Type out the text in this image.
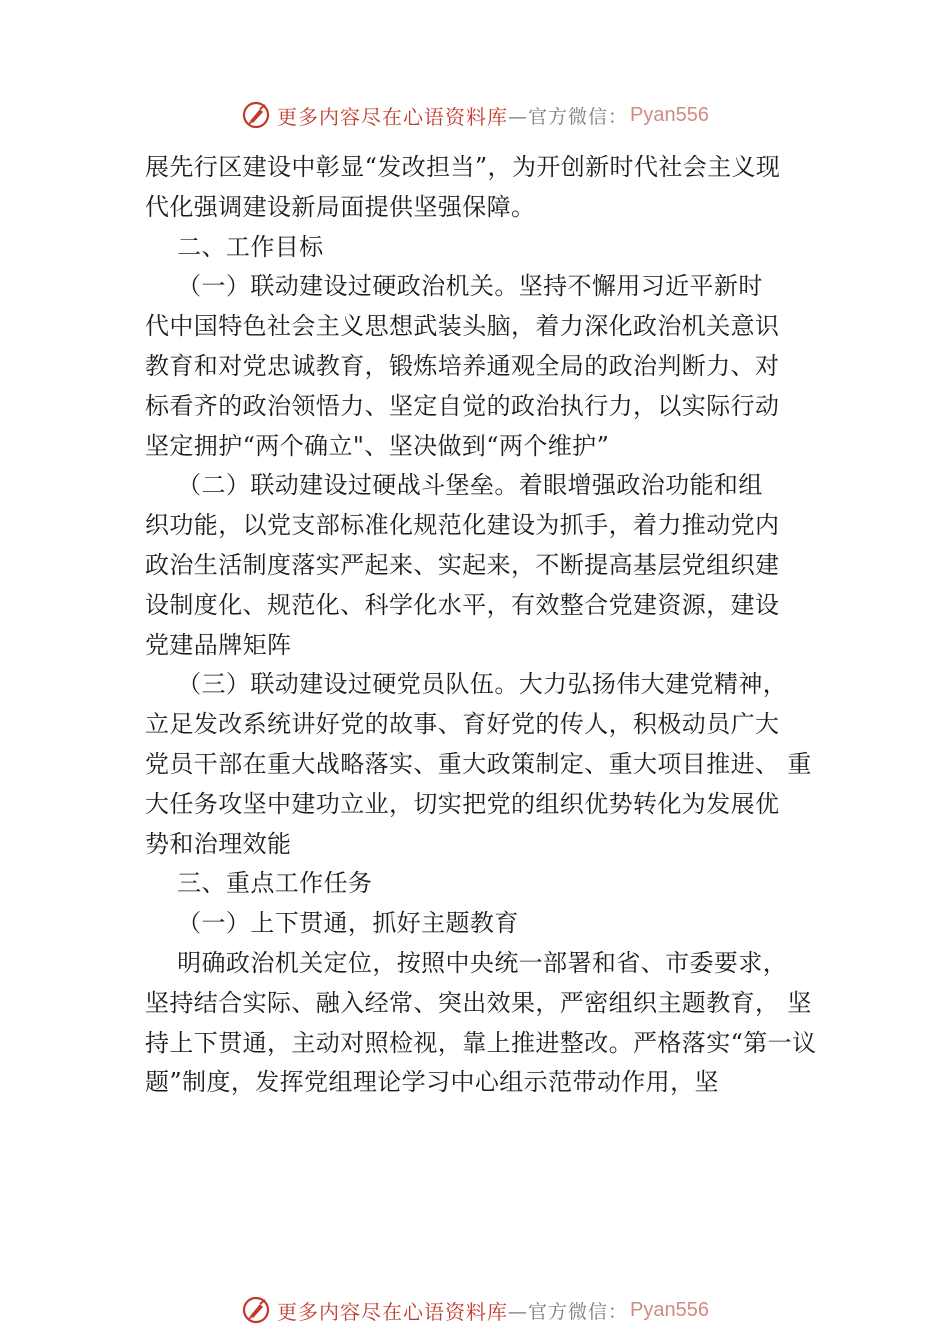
更多内容尽在心语资料库 —官方微信： Pyan556
展先行区建设中彰显“发改担当”，为开创新时代社会主义现
代化强调建设新局面提供坚强保障。
二、工作目标
（一）联动建设过硬政治机关。坚持不懈用习近平新时
代中国特色社会主义思想武装头脑，着力深化政治机关意识
教育和对党忠诚教育，锻炼培养通观全局的政治判断力、对
标看齐的政治领悟力、坚定自觉的政治执行力，以实际行动
坚定拥护“两个确立"、坚决做到“两个维护”
（二）联动建设过硬战斗堡垒。着眼增强政治功能和组
织功能，以党支部标准化规范化建设为抓手，着力推动党内
政治生活制度落实严起来、实起来，不断提高基层党组织建
设制度化、规范化、科学化水平，有效整合党建资源，建设
党建品牌矩阵
（三）联动建设过硬党员队伍。大力弘扬伟大建党精神，
立足发改系统讲好党的故事、育好党的传人，积极动员广大
党员干部在重大战略落实、重大政策制定、重大项目推进、 重
大任务攻坚中建功立业，切实把党的组织优势转化为发展优
势和治理效能
三、重点工作任务
（一）上下贯通，抓好主题教育
明确政治机关定位，按照中央统一部署和省、市委要求，
坚持结合实际、融入经常、突出效果，严密组织主题教育， 坚
持上下贯通，主动对照检视，靠上推进整改。严格落实“第一议
题”制度，发挥党组理论学习中心组示范带动作用，坚
更多内容尽在心语资料库 —官方微信： Pyan556
